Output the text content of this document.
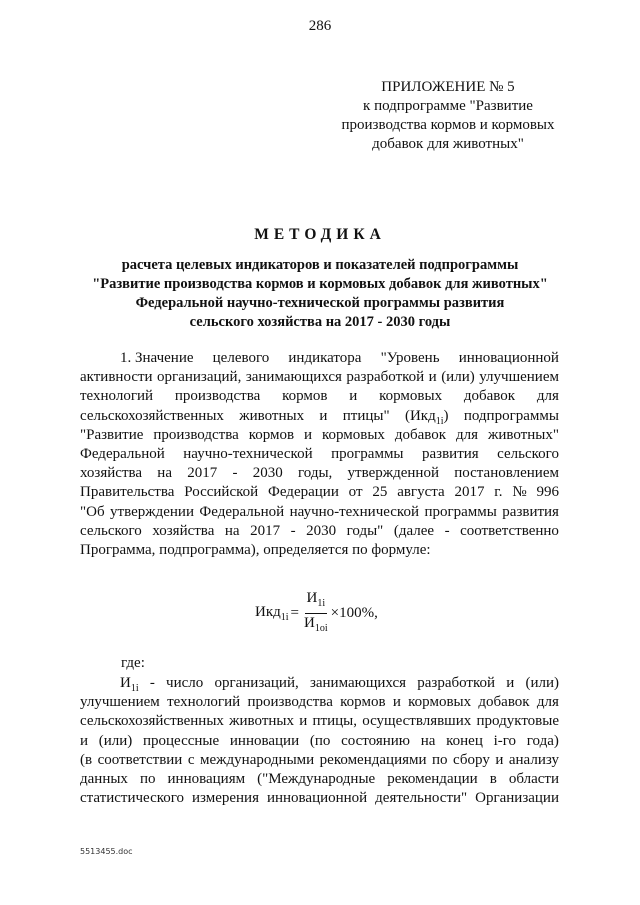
286
ПРИЛОЖЕНИЕ № 5
к подпрограмме "Развитие
производства кормов и кормовых
добавок для животных"
МЕТОДИКА
расчета целевых индикаторов и показателей подпрограммы
"Развитие производства кормов и кормовых добавок для животных"
Федеральной научно-технической программы развития
сельского хозяйства на 2017 - 2030 годы
1. Значение целевого индикатора "Уровень инновационной
активности организаций, занимающихся разработкой и (или) улучшением
технологий производства кормов и кормовых добавок для
сельскохозяйственных животных и птицы" (Икд$_{1i}$) подпрограммы
"Развитие производства кормов и кормовых добавок для животных"
Федеральной научно-технической программы развития сельского
хозяйства на 2017 - 2030 годы, утвержденной постановлением
Правительства Российской Федерации от 25 августа 2017 г. № 996
"Об утверждении Федеральной научно-технической программы развития
сельского хозяйства на 2017 - 2030 годы" (далее - соответственно
Программа, подпрограмма), определяется по формуле:
$Икд_{1i} = \frac{И_{1i}}{И_{1oi}} \times 100\%$,
где:
$И_{1i}$ - число организаций, занимающихся разработкой и (или)
улучшением технологий производства кормов и кормовых добавок для
сельскохозяйственных животных и птицы, осуществлявших продуктовые
и (или) процессные инновации (по состоянию на конец i-го года)
(в соответствии с международными рекомендациями по сбору и анализу
данных по инновациям ("Международные рекомендации в области
статистического измерения инновационной деятельности" Организации
5513455.doc
